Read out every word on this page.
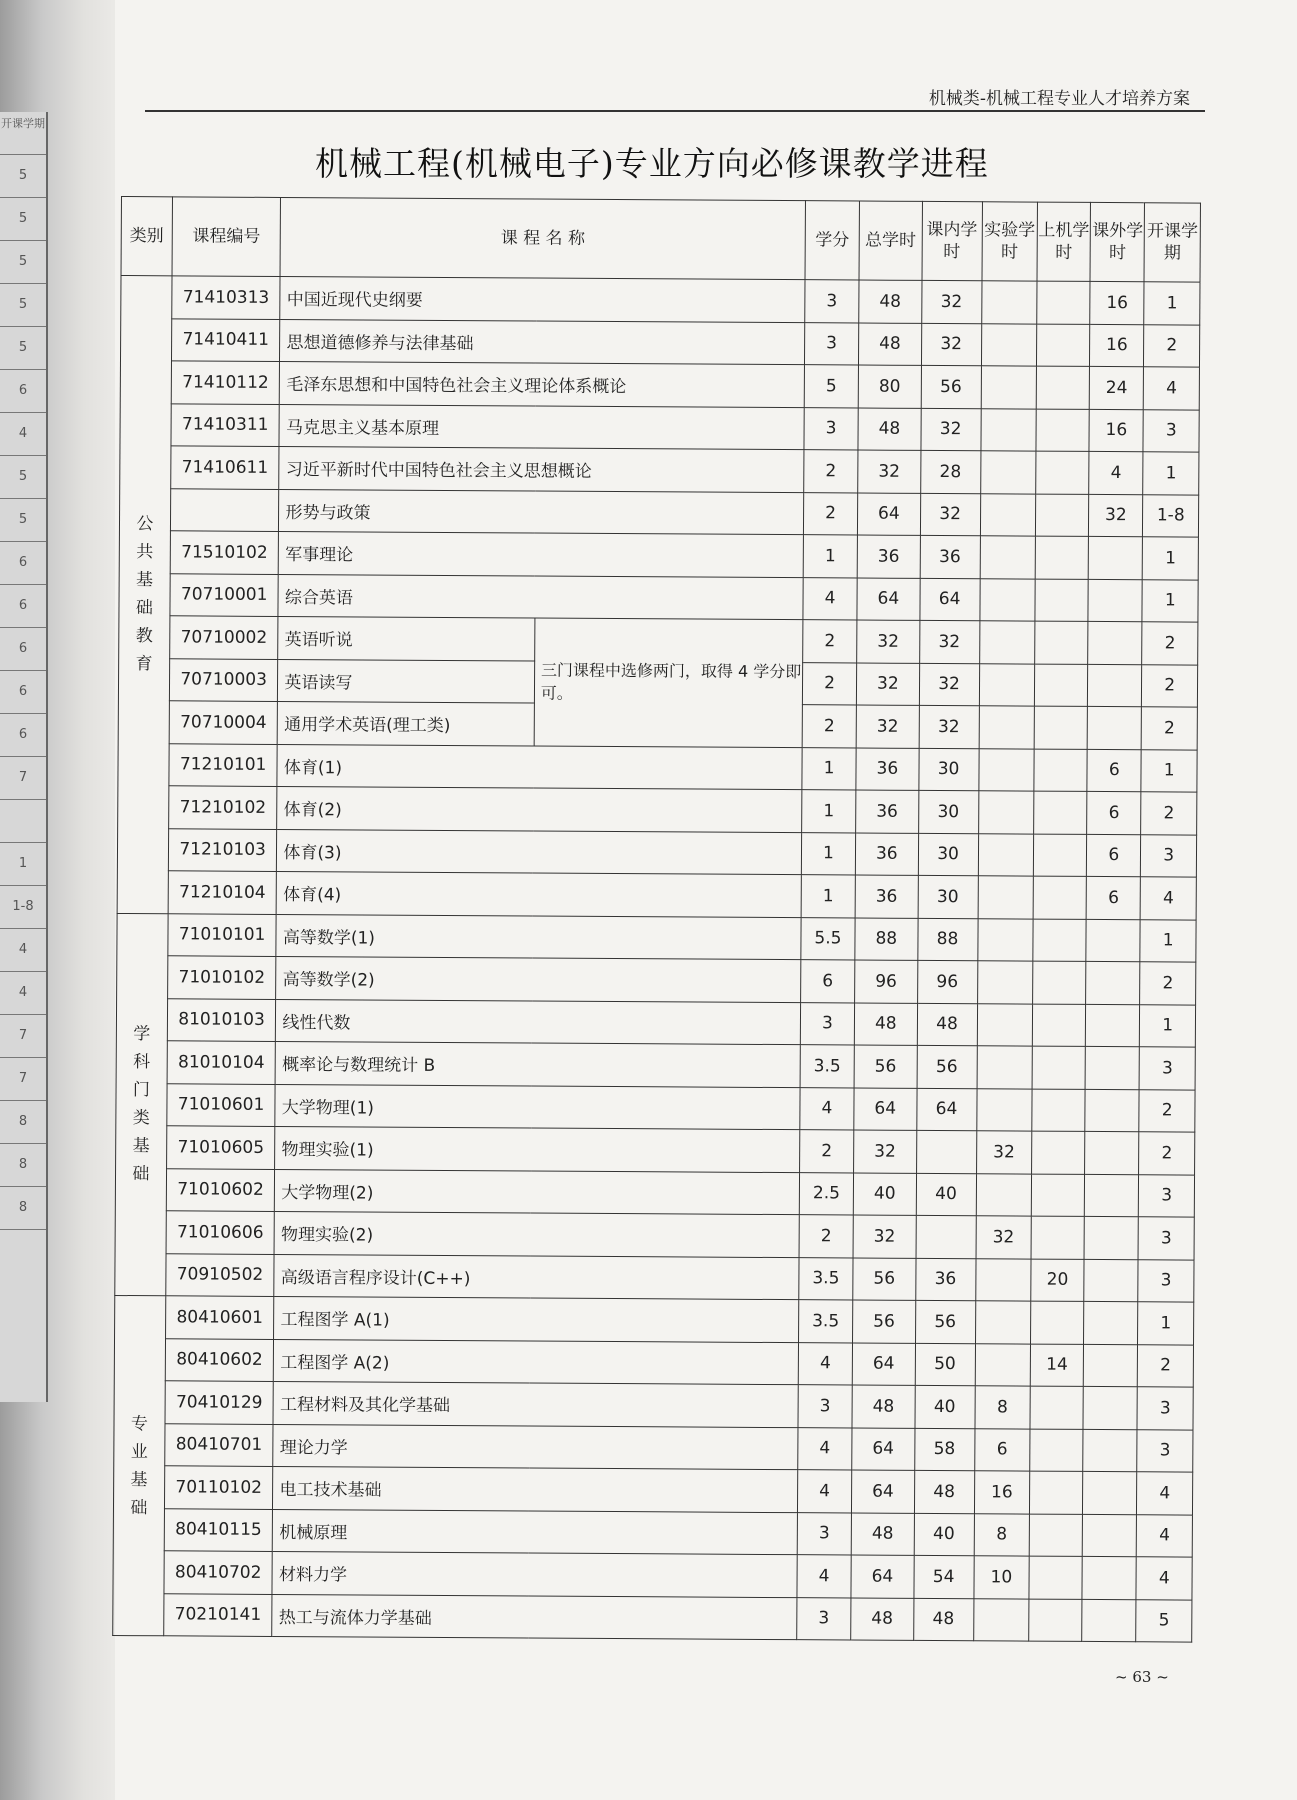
开课学期
5
5
5
5
5
6
4
5
5
6
6
6
6
6
7
1
1-8
4
4
7
7
8
8
8
机械类-机械工程专业人才培养方案
机械工程(机械电子)专业方向必修课教学进程
类别	课程编号	课 程 名 称		学分	总学时	课内学时	实验学时	上机学时	课外学时	开课学期
公共基础教育	71410313	中国近现代史纲要		3	48	32			16	1
	71410411	思想道德修养与法律基础		3	48	32			16	2
	71410112	毛泽东思想和中国特色社会主义理论体系概论		5	80	56			24	4
	71410311	马克思主义基本原理		3	48	32			16	3
	71410611	习近平新时代中国特色社会主义思想概论		2	32	28			4	1
		形势与政策		2	64	32			32	1-8
	71510102	军事理论		1	36	36				1
	70710001	综合英语		4	64	64				1
	70710002	英语听说	三门课程中选修两门，取得 4 学分即可。	2	32	32				2
	70710003	英语读写		2	32	32				2
	70710004	通用学术英语(理工类)		2	32	32				2
	71210101	体育(1)		1	36	30			6	1
	71210102	体育(2)		1	36	30			6	2
	71210103	体育(3)		1	36	30			6	3
	71210104	体育(4)		1	36	30			6	4
学科门类基础	71010101	高等数学(1)		5.5	88	88				1
	71010102	高等数学(2)		6	96	96				2
	81010103	线性代数		3	48	48				1
	81010104	概率论与数理统计 B		3.5	56	56				3
	71010601	大学物理(1)		4	64	64				2
	71010605	物理实验(1)		2	32		32			2
	71010602	大学物理(2)		2.5	40	40				3
	71010606	物理实验(2)		2	32		32			3
	70910502	高级语言程序设计(C++)		3.5	56	36		20		3
专业基础	80410601	工程图学 A(1)		3.5	56	56				1
	80410602	工程图学 A(2)		4	64	50		14		2
	70410129	工程材料及其化学基础		3	48	40	8			3
	80410701	理论力学		4	64	58	6			3
	70110102	电工技术基础		4	64	48	16			4
	80410115	机械原理		3	48	40	8			4
	80410702	材料力学		4	64	54	10			4
	70210141	热工与流体力学基础		3	48	48				5
~ 63 ~
